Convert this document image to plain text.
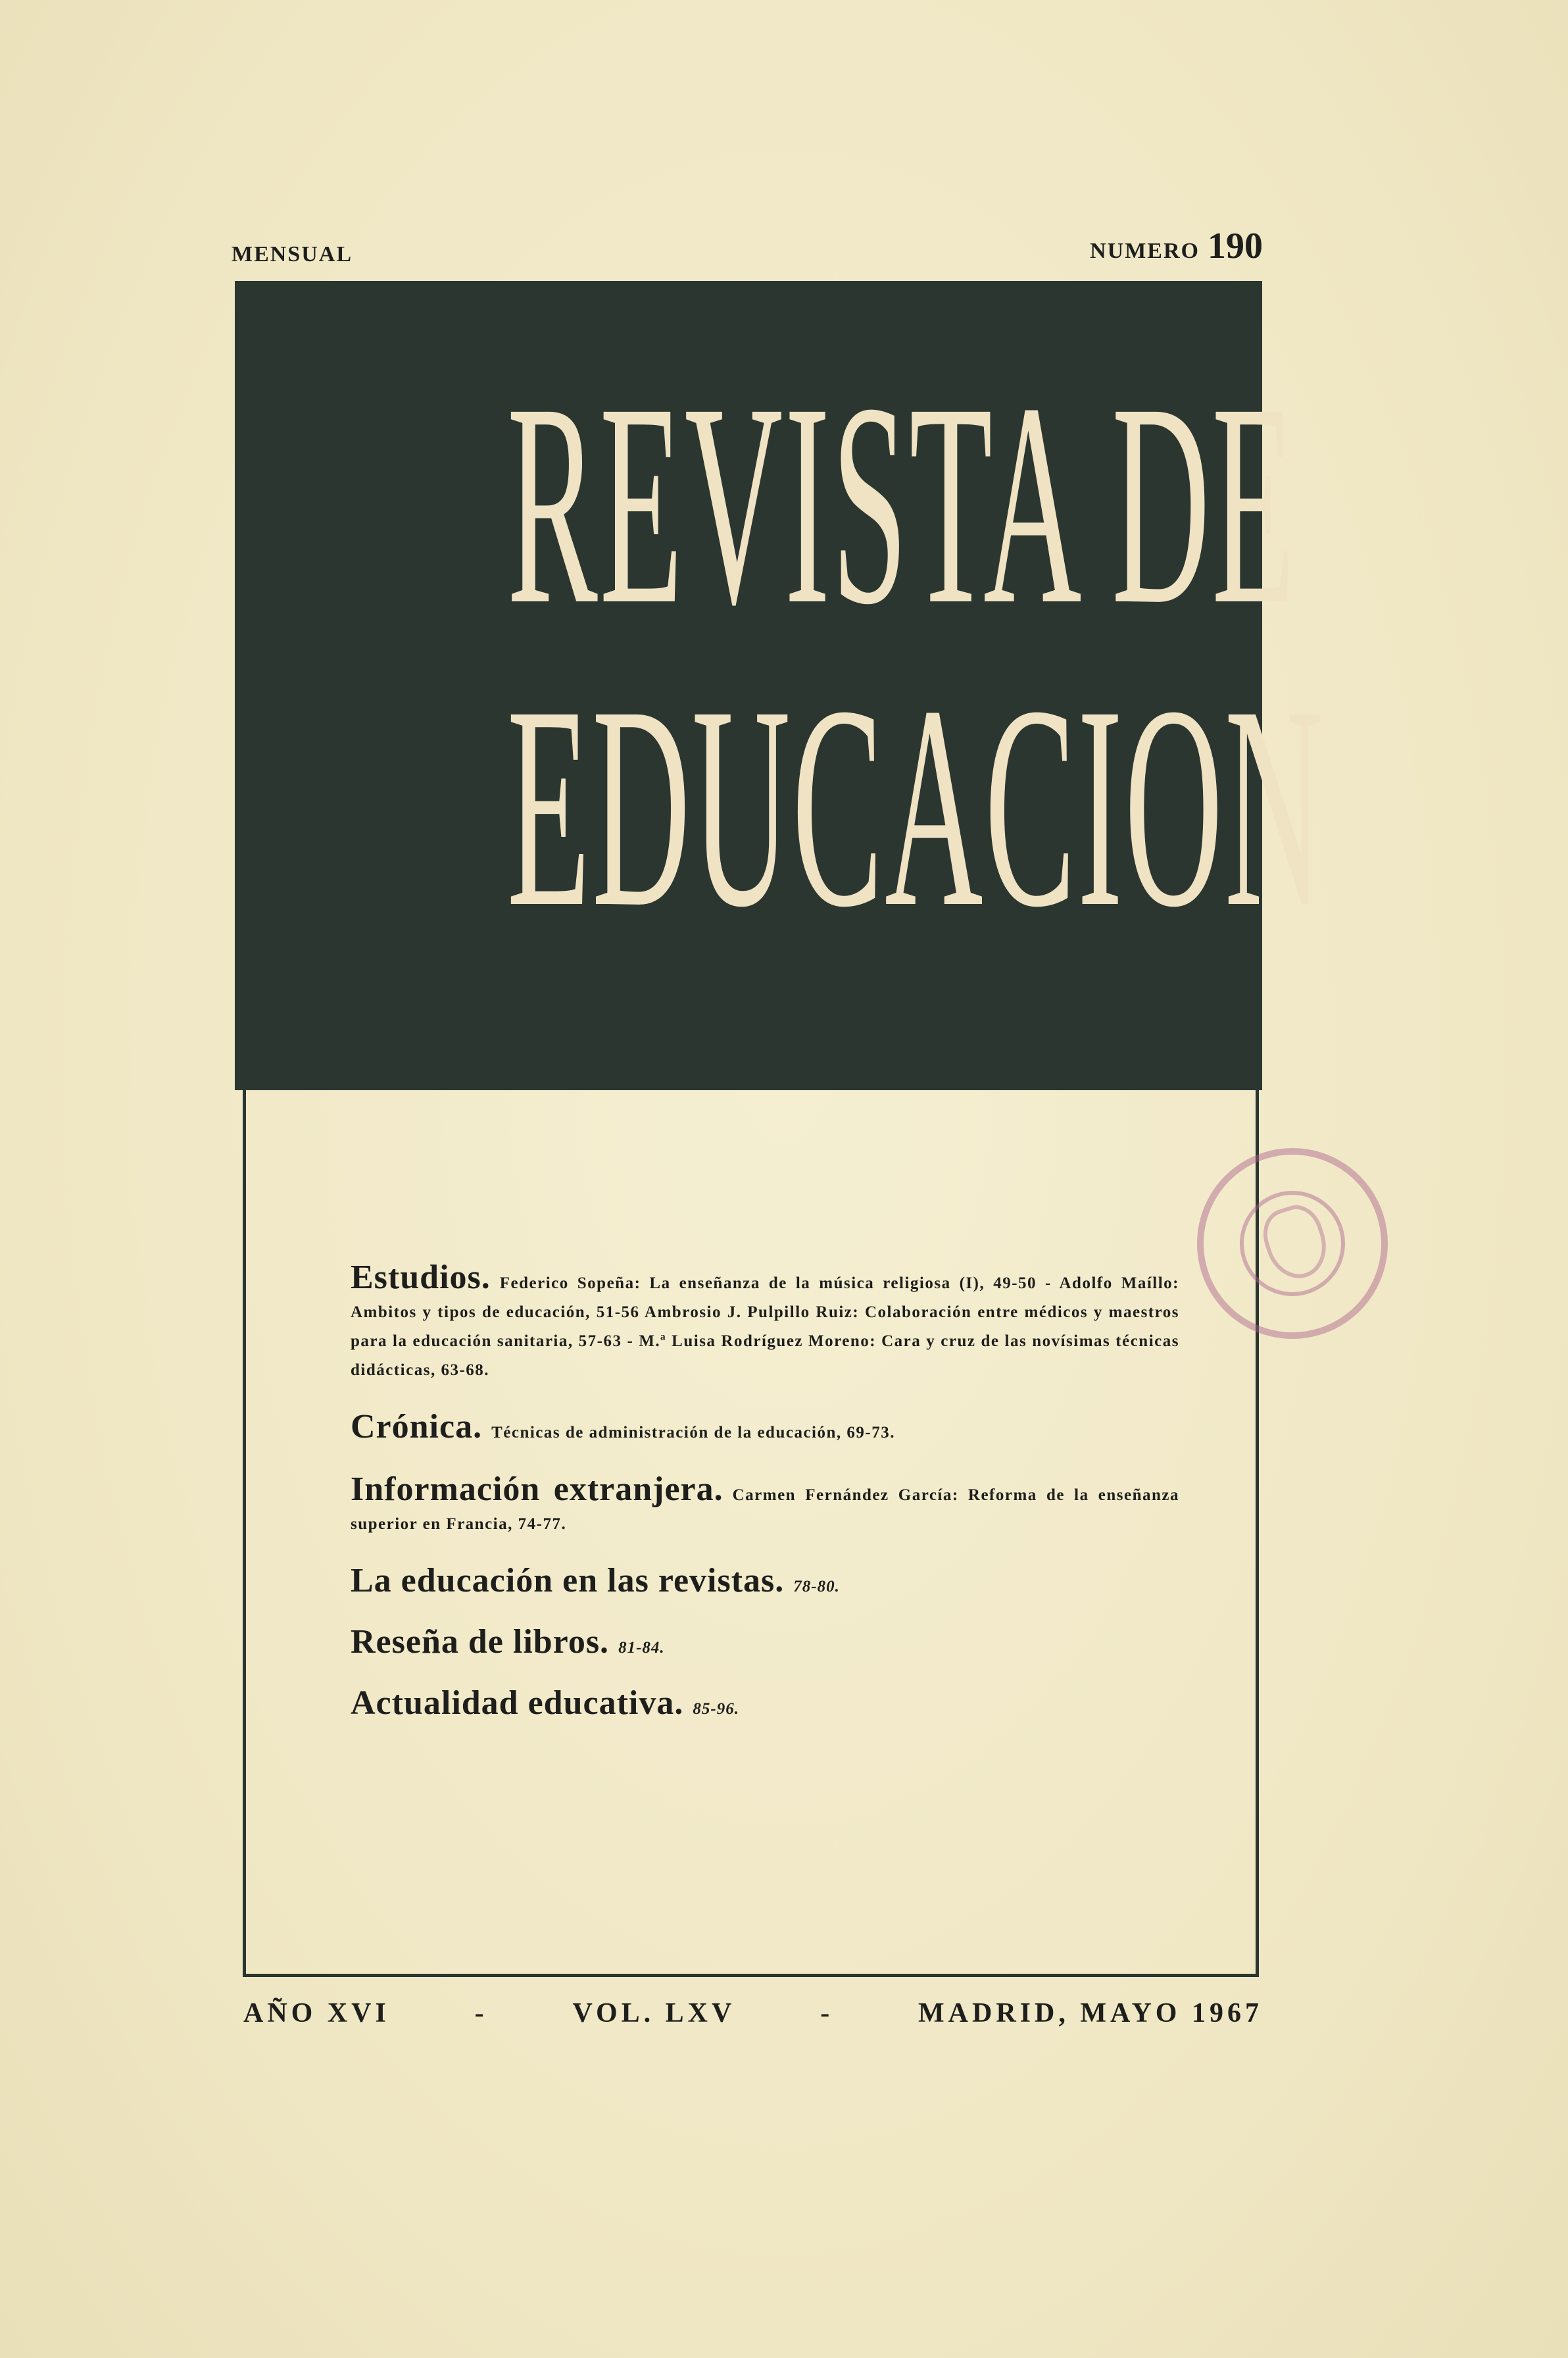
MENSUAL	NUMERO 190
REVISTA DE
EDUCACION

Estudios. Federico Sopeña: La enseñanza de la música religiosa (I), 49-50 - Adolfo Maíllo: Ambitos y tipos de educación, 51-56 Ambrosio J. Pulpillo Ruiz: Colaboración entre médicos y maestros para la educación sanitaria, 57-63 - M.ª Luisa Rodríguez Moreno: Cara y cruz de las novísimas técnicas didácticas, 63-68.

Crónica. Técnicas de administración de la educación, 69-73.

Información extranjera. Carmen Fernández García: Reforma de la enseñanza superior en Francia, 74-77.

La educación en las revistas. 78-80.

Reseña de libros. 81-84.

Actualidad educativa. 85-96.

AÑO XVI	-	VOL. LXV	-	MADRID, MAYO 1967
